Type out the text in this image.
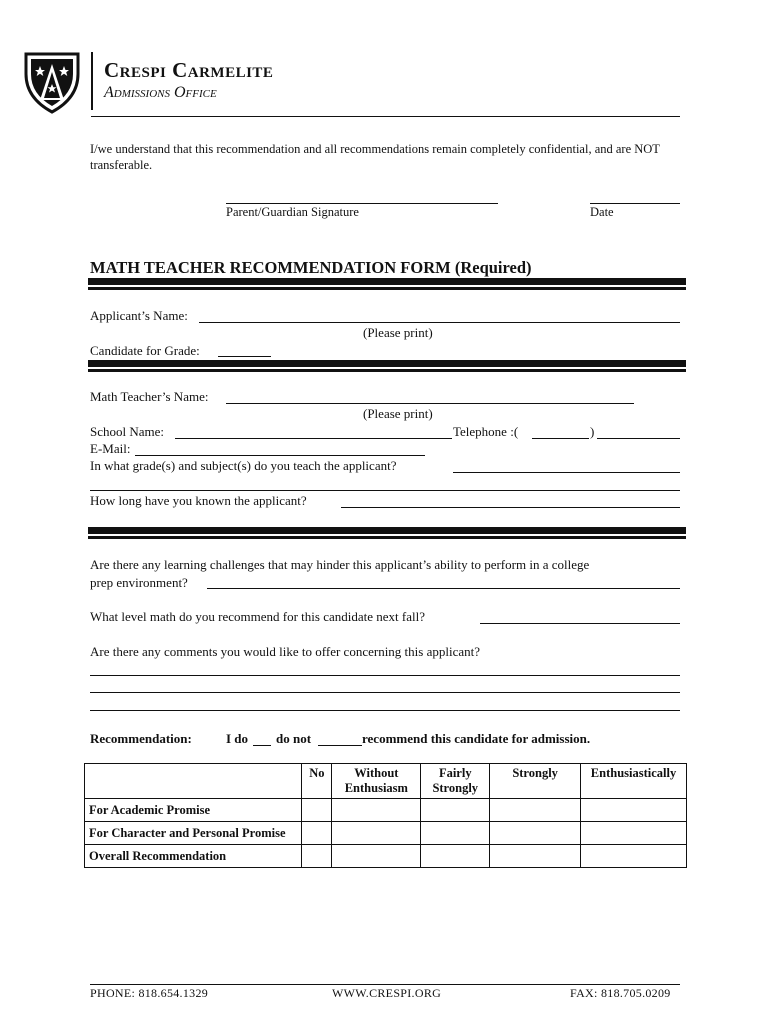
Crespi Carmelite
Admissions Office
I/we understand that this recommendation and all recommendations remain completely confidential, and are NOT transferable.
Parent/Guardian Signature	Date
MATH TEACHER RECOMMENDATION FORM (Required)
Applicant’s Name:
(Please print)
Candidate for Grade:
Math Teacher’s Name:
(Please print)
School Name:	Telephone :(	)
E-Mail:
In what grade(s) and subject(s) do you teach the applicant?
How long have you known the applicant?
Are there any learning challenges that may hinder this applicant’s ability to perform in a college
prep environment?
What level math do you recommend for this candidate next fall?
Are there any comments you would like to offer concerning this applicant?
Recommendation:	I do do not	recommend this candidate for admission.
	No	Without Enthusiasm	Fairly Strongly	Strongly	Enthusiastically
For Academic Promise					
For Character and Personal Promise					
Overall Recommendation					
PHONE: 818.654.1329	WWW.CRESPI.ORG	FAX: 818.705.0209
